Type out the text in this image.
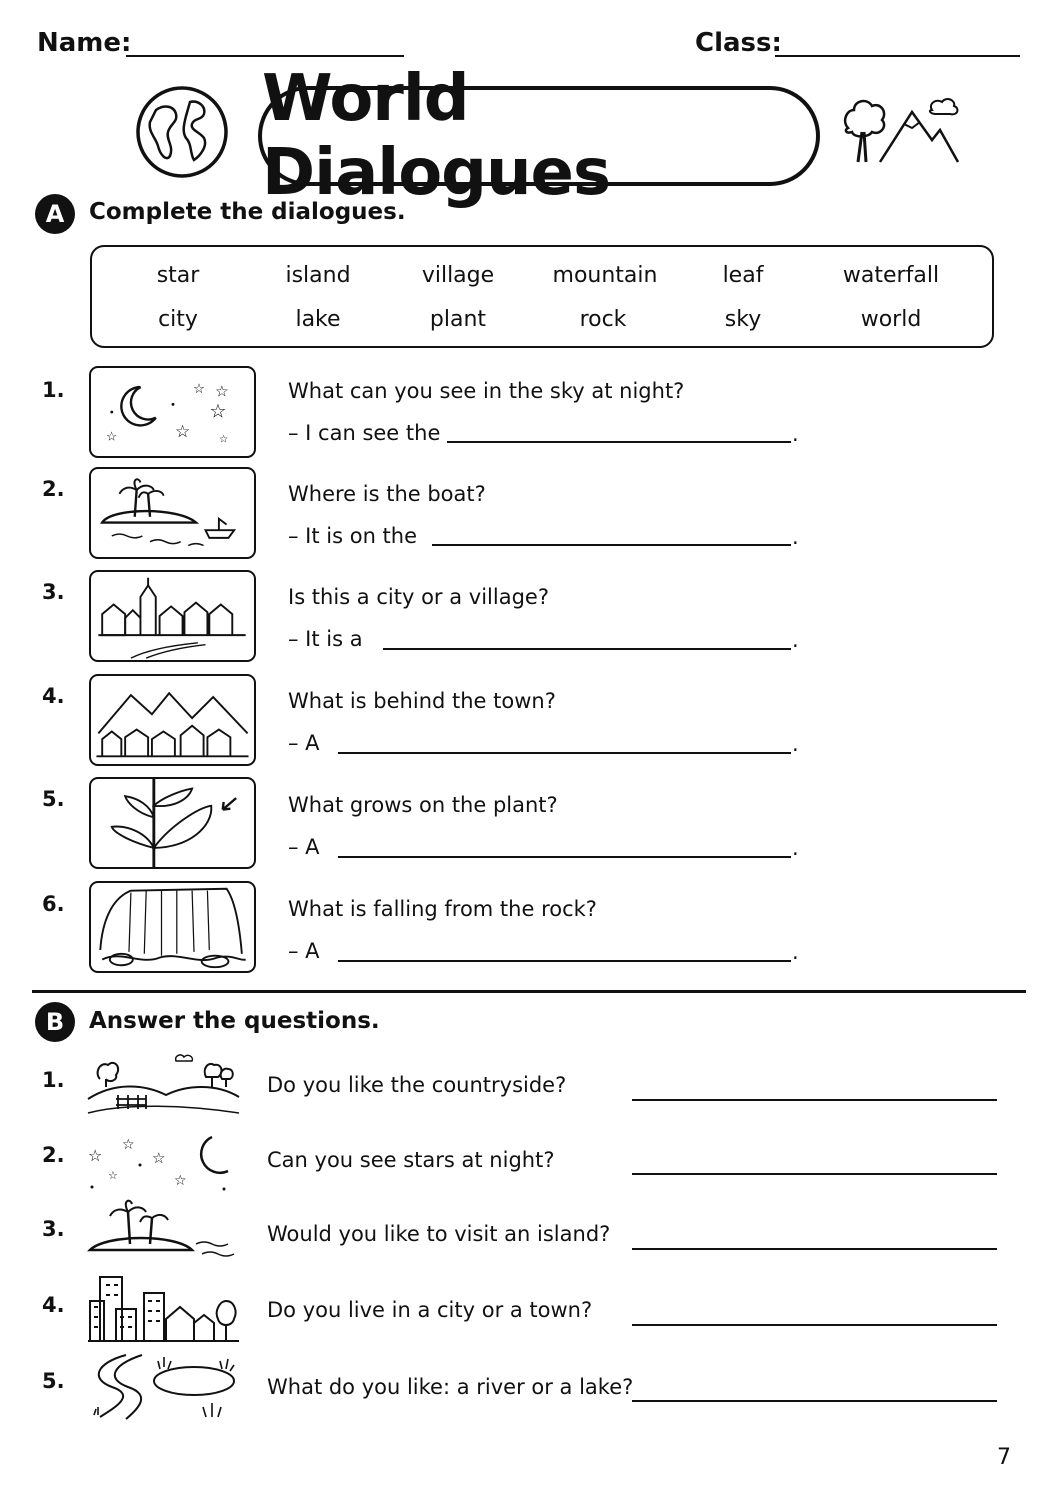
Name:	Class:
World Dialogues
A	Complete the dialogues.
star	island	village	mountain	leaf	waterfall
city	lake	plant	rock	sky	world
1.	☆
☆
☆
☆
☆	☆
What can you see in the sky at night?
– I can see the	.
2.	Where is the boat?
– It is on the	.
3.	Is this a city or a village?
– It is a	.
4.	What is behind the town?
– A	.
5.	What grows on the plant?
– A	.
6.	What is falling from the rock?
– A	.
B	Answer the questions.
1.	Do you like the countryside?
2. ☆
☆
☆
☆
☆
Can you see stars at night?
3.	Would you like to visit an island?
4.	Do you live in a city or a town?
5.	What do you like: a river or a lake?
7
